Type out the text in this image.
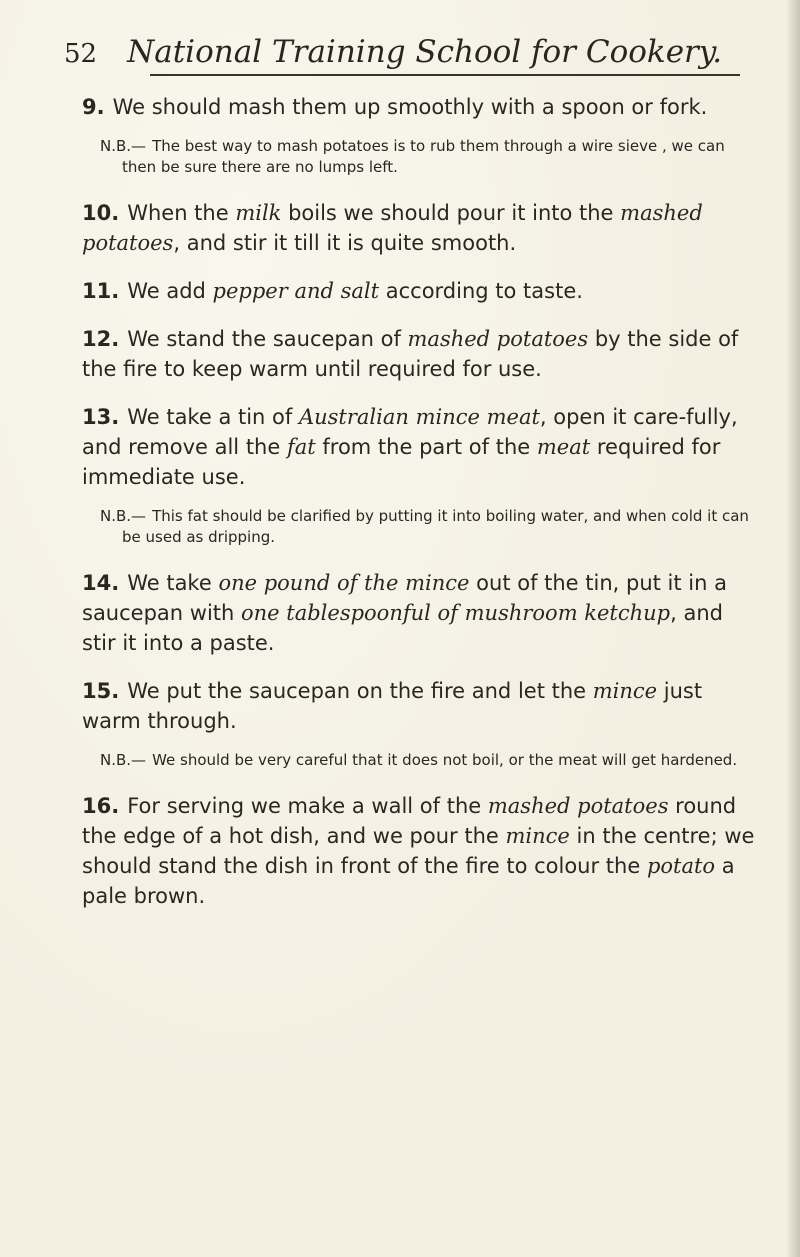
52 National Training School for Cookery.

9. We should mash them up smoothly with a spoon or fork.

N.B.— The best way to mash potatoes is to rub them through a wire sieve , we can then be sure there are no lumps left.

10. When the milk boils we should pour it into the mashed potatoes, and stir it till it is quite smooth.

11. We add pepper and salt according to taste.

12. We stand the saucepan of mashed potatoes by the side of the fire to keep warm until required for use.

13. We take a tin of Australian mince meat, open it care-fully, and remove all the fat from the part of the meat required for immediate use.

N.B.— This fat should be clarified by putting it into boiling water, and when cold it can be used as dripping.

14. We take one pound of the mince out of the tin, put it in a saucepan with one tablespoonful of mushroom ketchup, and stir it into a paste.

15. We put the saucepan on the fire and let the mince just warm through.

N.B.— We should be very careful that it does not boil, or the meat will get hardened.

16. For serving we make a wall of the mashed potatoes round the edge of a hot dish, and we pour the mince in the centre; we should stand the dish in front of the fire to colour the potato a pale brown.
